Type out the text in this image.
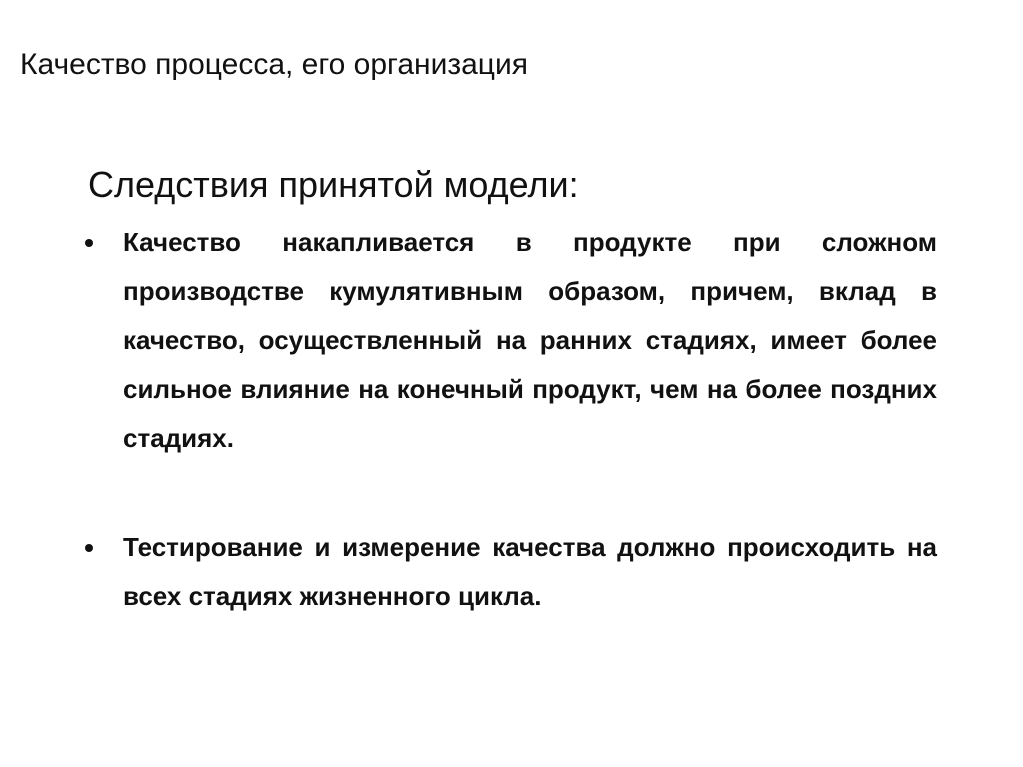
Качество процесса, его организация
Следствия принятой модели:
Качество накапливается в продукте при сложном производстве кумулятивным образом, причем, вклад в качество, осуществленный на ранних стадиях, имеет более сильное влияние на конечный продукт, чем на более поздних стадиях.
Тестирование и измерение качества должно происходить на всех стадиях жизненного цикла.
